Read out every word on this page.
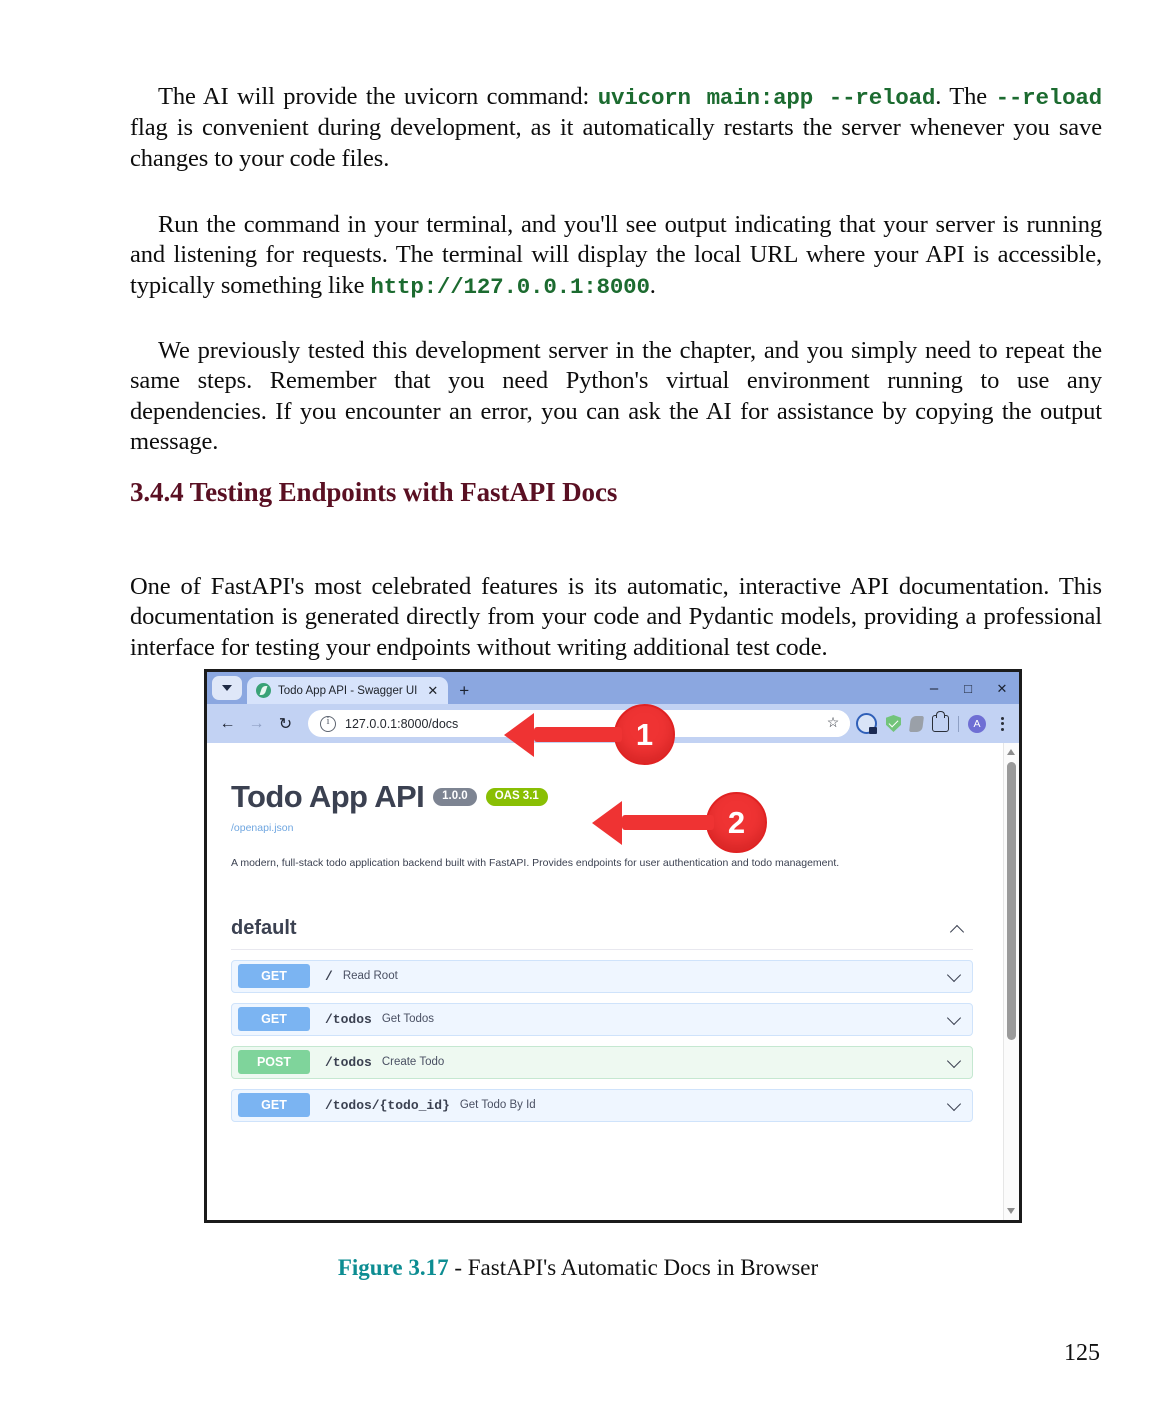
The AI will provide the uvicorn command: uvicorn main:app --reload. The --reload flag is convenient during development, as it automatically restarts the server whenever you save changes to your code files.

Run the command in your terminal, and you'll see output indicating that your server is running and listening for requests. The terminal will display the local URL where your API is accessible, typically something like http://127.0.0.1:8000.

We previously tested this development server in the chapter, and you simply need to repeat the same steps. Remember that you need Python's virtual environment running to use any dependencies. If you encounter an error, you can ask the AI for assistance by copying the output message.

3.4.4 Testing Endpoints with FastAPI Docs

One of FastAPI's most celebrated features is its automatic, interactive API documentation. This documentation is generated directly from your code and Pydantic models, providing a professional interface for testing your endpoints without writing additional test code.

Todo App API - Swagger UI ✕ +	–	□	✕
← → ↻ i	127.0.0.1:8000/docs	☆	A
Todo App API	1.0.0	OAS 3.1
/openapi.json
A modern, full-stack todo application backend built with FastAPI. Provides endpoints for user authentication and todo management.
default
GET	/ Read Root
GET	/todos Get Todos
POST	/todos Create Todo
GET	/todos/{todo_id} Get Todo By Id
1
2
Figure 3.17 - FastAPI's Automatic Docs in Browser
125
